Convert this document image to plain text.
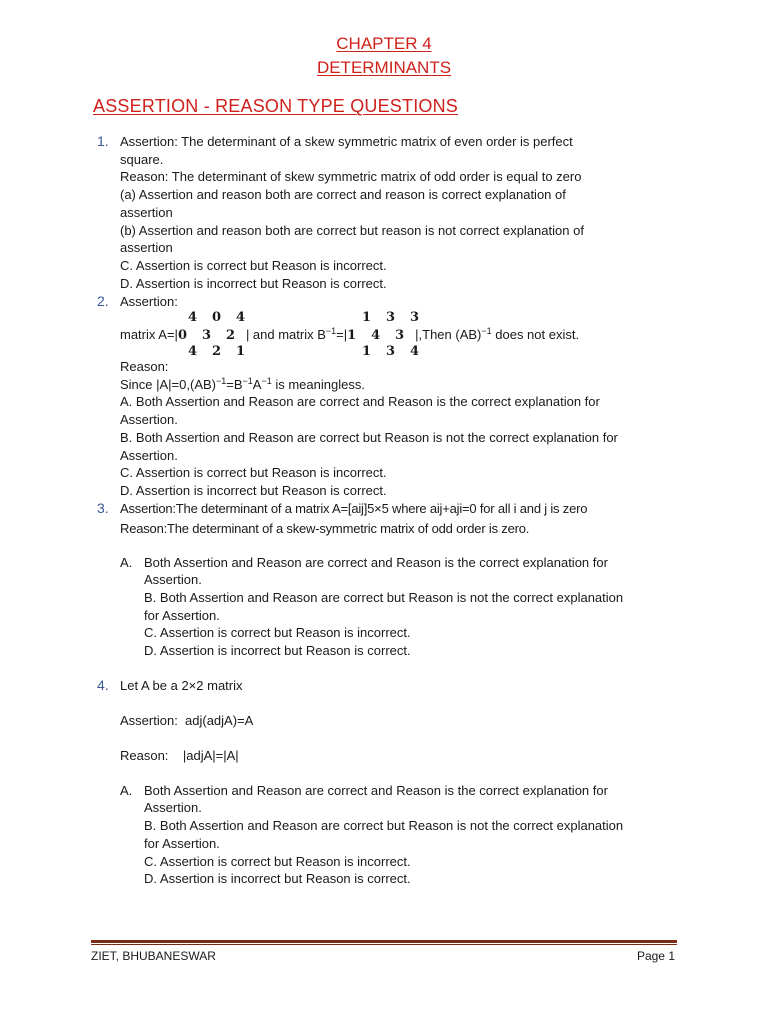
CHAPTER 4
DETERMINANTS
ASSERTION - REASON TYPE QUESTIONS
1. Assertion: The determinant of a skew symmetric matrix of even order is perfect
square.
Reason: The determinant of skew symmetric matrix of odd order is equal to zero
(a) Assertion and reason both are correct and reason is correct explanation of
assertion
(b) Assertion and reason both are correct but reason is not correct explanation of
assertion
C. Assertion is correct but Reason is incorrect.
D. Assertion is incorrect but Reason is correct.
2. Assertion:
4 0 4
4 2 1
1 3 3
1 3 4
matrix A=|0 3 2 | and matrix $B^{-1}=|1$ 4 3 |,Then (AB)$^{-1}$ does not exist.
Reason:
Since $|A|=0,(AB)^{-1}=B^{-1}A^{-1}$ is meaningless.
A. Both Assertion and Reason are correct and Reason is the correct explanation for
Assertion.
B. Both Assertion and Reason are correct but Reason is not the correct explanation for
Assertion.
C. Assertion is correct but Reason is incorrect.
D. Assertion is incorrect but Reason is correct.
3. Assertion:The determinant of a matrix A=[aij]5×5 where aij+aji=0 for all i and j is zero
Reason:The determinant of a skew-symmetric matrix of odd order is zero.
A. Both Assertion and Reason are correct and Reason is the correct explanation for
Assertion.
B. Both Assertion and Reason are correct but Reason is not the correct explanation
for Assertion.
C. Assertion is correct but Reason is incorrect.
D. Assertion is incorrect but Reason is correct.
4. Let A be a 2×2 matrix
Assertion:  adj(adjA)=A
Reason:    |adjA|=|A|
A. Both Assertion and Reason are correct and Reason is the correct explanation for
Assertion.
B. Both Assertion and Reason are correct but Reason is not the correct explanation
for Assertion.
C. Assertion is correct but Reason is incorrect.
D. Assertion is incorrect but Reason is correct.
ZIET, BHUBANESWAR	Page 1
